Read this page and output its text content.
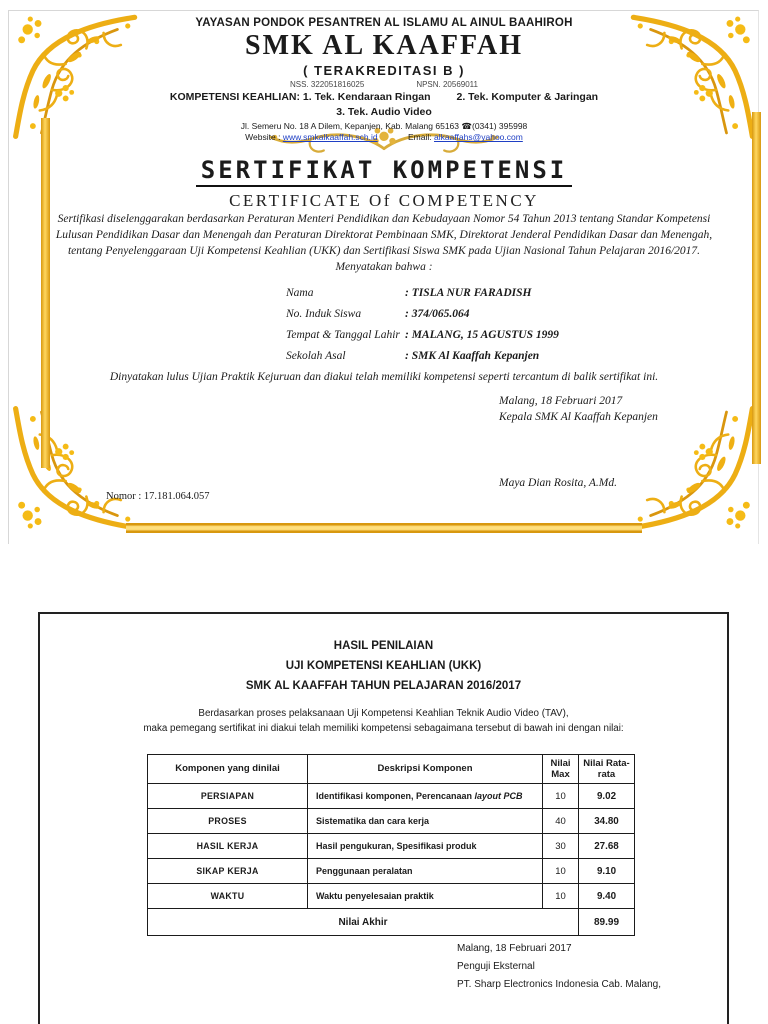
YAYASAN PONDOK PESANTREN AL ISLAMU AL AINUL BAAHIROH
SMK AL KAAFFAH
( TERAKREDITASI B )
NSS. 322051816025	NPSN. 20569011
KOMPETENSI KEAHLIAN: 1. Tek. Kendaraan Ringan 2. Tek. Komputer & Jaringan
3. Tek. Audio Video
Jl. Semeru No. 18 A Dilem, Kepanjen, Kab. Malang 65163 ☎(0341) 395998
Website : www.smkalkaaffah.sch.id	Email: alkaaffahs@yahoo.com
SERTIFIKAT KOMPETENSI
CERTIFICATE Of COMPETENCY
Sertifikasi diselenggarakan berdasarkan Peraturan Menteri Pendidikan dan Kebudayaan Nomor 54 Tahun 2013 tentang Standar Kompetensi Lulusan Pendidikan Dasar dan Menengah dan Peraturan Direktorat Pembinaan SMK, Direktorat Jenderal Pendidikan Dasar dan Menengah, tentang Penyelenggaraan Uji Kompetensi Keahlian (UKK) dan Sertifikasi Siswa SMK pada Ujian Nasional Tahun Pelajaran 2016/2017.
Menyatakan bahwa :
Nama	: TISLA NUR FARADISH
No. Induk Siswa	: 374/065.064
Tempat & Tanggal Lahir : MALANG, 15 AGUSTUS 1999
Sekolah Asal	: SMK Al Kaaffah Kepanjen
Dinyatakan lulus Ujian Praktik Kejuruan dan diakui telah memiliki kompetensi seperti tercantum di balik sertifikat ini.
Malang, 18 Februari 2017
Kepala SMK Al Kaaffah Kepanjen
Maya Dian Rosita, A.Md.
Nomor : 17.181.064.057
HASIL PENILAIAN
UJI KOMPETENSI KEAHLIAN (UKK)
SMK AL KAAFFAH TAHUN PELAJARAN 2016/2017
Berdasarkan proses pelaksanaan Uji Kompetensi Keahlian Teknik Audio Video (TAV),
maka pemegang sertifikat ini diakui telah memiliki kompetensi sebagaimana tersebut di bawah ini dengan nilai:
Komponen yang dinilai	Deskripsi Komponen	Nilai Max	Nilai Rata-rata
PERSIAPAN	Identifikasi komponen, Perencanaan layout PCB	10	9.02
PROSES	Sistematika dan cara kerja	40	34.80
HASIL KERJA	Hasil pengukuran, Spesifikasi produk	30	27.68
SIKAP KERJA	Penggunaan peralatan	10	9.10
WAKTU	Waktu penyelesaian praktik	10	9.40
Nilai Akhir			89.99
Malang, 18 Februari 2017
Penguji Eksternal
PT. Sharp Electronics Indonesia Cab. Malang,
